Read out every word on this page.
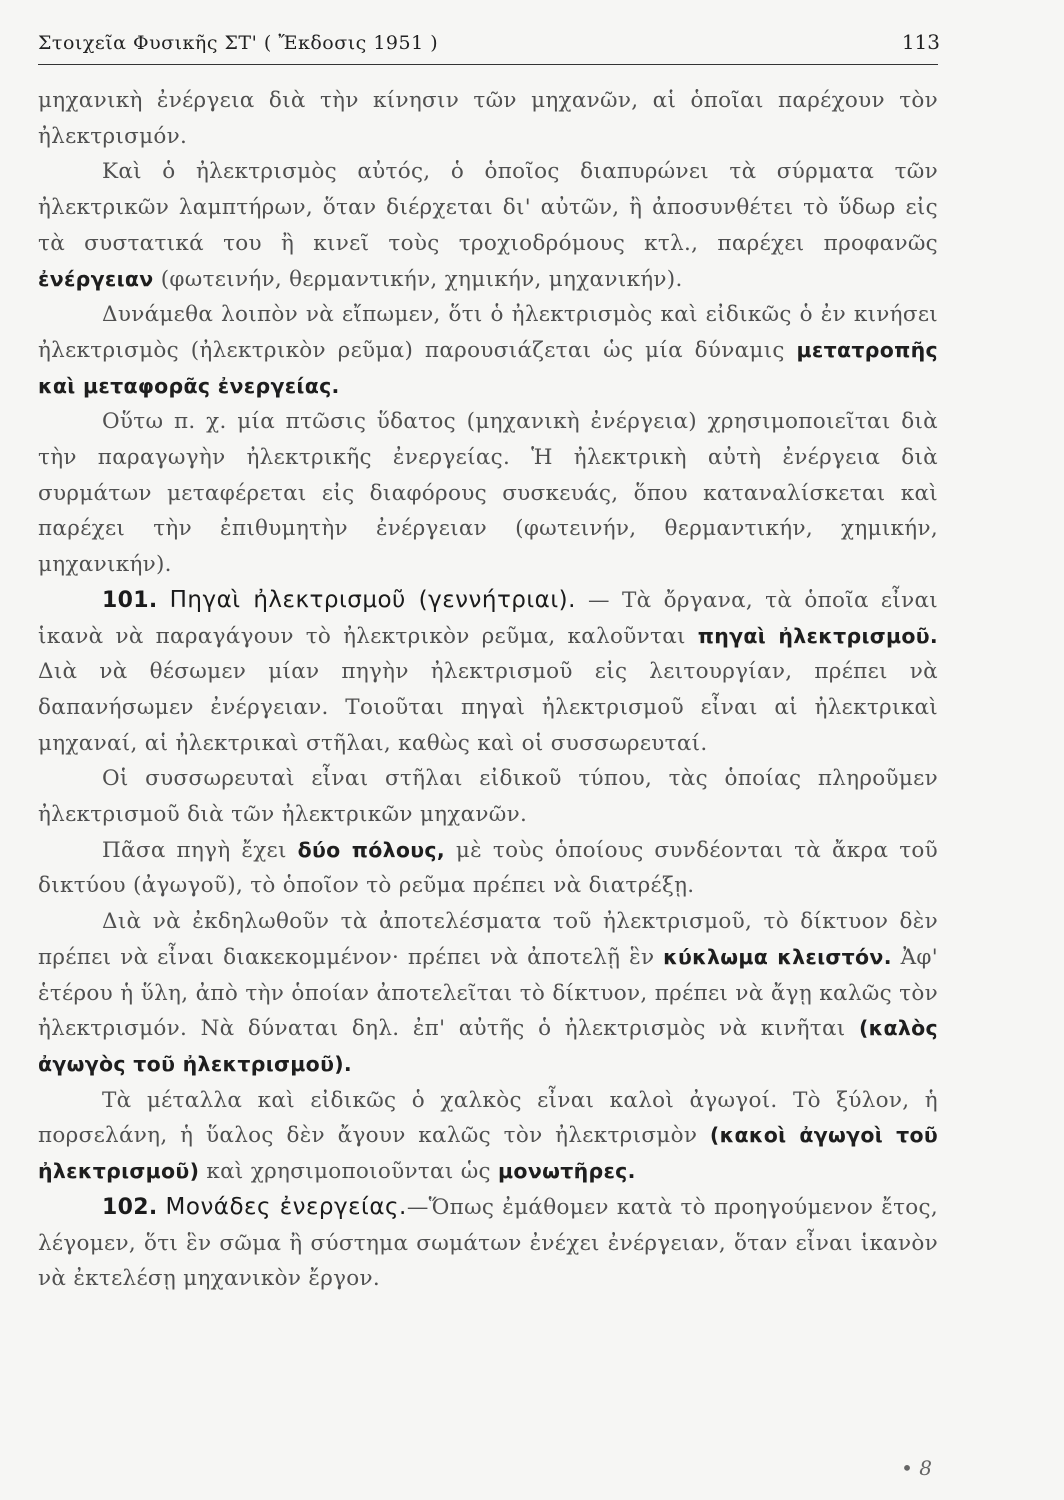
Στοιχεῖα Φυσικῆς ΣΤ' ( Ἔκδοσις 1951 )	113

μηχανικὴ ἐνέργεια διὰ τὴν κίνησιν τῶν μηχανῶν, αἱ ὁποῖαι παρέχουν τὸν ἠλεκτρισμόν.

Καὶ ὁ ἠλεκτρισμὸς αὐτός, ὁ ὁποῖος διαπυρώνει τὰ σύρματα τῶν ἠλεκτρικῶν λαμπτήρων, ὅταν διέρχεται δι' αὐτῶν, ἢ ἀποσυνθέτει τὸ ὕδωρ εἰς τὰ συστατικά του ἢ κινεῖ τοὺς τροχιοδρόμους κτλ., παρέχει προφανῶς ἐνέργειαν (φωτεινήν, θερμαντικήν, χημικήν, μηχανικήν).

Δυνάμεθα λοιπὸν νὰ εἴπωμεν, ὅτι ὁ ἠλεκτρισμὸς καὶ εἰδικῶς ὁ ἐν κινήσει ἠλεκτρισμὸς (ἠλεκτρικὸν ρεῦμα) παρουσιάζεται ὡς μία δύναμις μετατροπῆς καὶ μεταφορᾶς ἐνεργείας.

Οὕτω π. χ. μία πτῶσις ὕδατος (μηχανικὴ ἐνέργεια) χρησιμοποιεῖται διὰ τὴν παραγωγὴν ἠλεκτρικῆς ἐνεργείας. Ἡ ἠλεκτρικὴ αὐτὴ ἐνέργεια διὰ συρμάτων μεταφέρεται εἰς διαφόρους συσκευάς, ὅπου καταναλίσκεται καὶ παρέχει τὴν ἐπιθυμητὴν ἐνέργειαν (φωτεινήν, θερμαντικήν, χημικήν, μηχανικήν).

101. Πηγαὶ ἠλεκτρισμοῦ (γεννήτριαι). — Τὰ ὄργανα, τὰ ὁποῖα εἶναι ἱκανὰ νὰ παραγάγουν τὸ ἠλεκτρικὸν ρεῦμα, καλοῦνται πηγαὶ ἠλεκτρισμοῦ. Διὰ νὰ θέσωμεν μίαν πηγὴν ἠλεκτρισμοῦ εἰς λειτουργίαν, πρέπει νὰ δαπανήσωμεν ἐνέργειαν. Τοιοῦται πηγαὶ ἠλεκτρισμοῦ εἶναι αἱ ἠλεκτρικαὶ μηχαναί, αἱ ἠλεκτρικαὶ στῆλαι, καθὼς καὶ οἱ συσσωρευταί.

Οἱ συσσωρευταὶ εἶναι στῆλαι εἰδικοῦ τύπου, τὰς ὁποίας πληροῦμεν ἠλεκτρισμοῦ διὰ τῶν ἠλεκτρικῶν μηχανῶν.

Πᾶσα πηγὴ ἔχει δύο πόλους, μὲ τοὺς ὁποίους συνδέονται τὰ ἄκρα τοῦ δικτύου (ἀγωγοῦ), τὸ ὁποῖον τὸ ρεῦμα πρέπει νὰ διατρέξῃ.

Διὰ νὰ ἐκδηλωθοῦν τὰ ἀποτελέσματα τοῦ ἠλεκτρισμοῦ, τὸ δίκτυον δὲν πρέπει νὰ εἶναι διακεκομμένον· πρέπει νὰ ἀποτελῇ ἓν κύκλωμα κλειστόν. Ἀφ' ἑτέρου ἡ ὕλη, ἀπὸ τὴν ὁποίαν ἀποτελεῖται τὸ δίκτυον, πρέπει νὰ ἄγῃ καλῶς τὸν ἠλεκτρισμόν. Νὰ δύναται δηλ. ἐπ' αὐτῆς ὁ ἠλεκτρισμὸς νὰ κινῆται (καλὸς ἀγωγὸς τοῦ ἠλεκτρισμοῦ).

Τὰ μέταλλα καὶ εἰδικῶς ὁ χαλκὸς εἶναι καλοὶ ἀγωγοί. Τὸ ξύλον, ἡ πορσελάνη, ἡ ὕαλος δὲν ἄγουν καλῶς τὸν ἠλεκτρισμὸν (κακοὶ ἀγωγοὶ τοῦ ἠλεκτρισμοῦ) καὶ χρησιμοποιοῦνται ὡς μονωτῆρες.

102. Μονάδες ἐνεργείας.—Ὅπως ἐμάθομεν κατὰ τὸ προηγούμενον ἔτος, λέγομεν, ὅτι ἓν σῶμα ἢ σύστημα σωμάτων ἐνέχει ἐνέργειαν, ὅταν εἶναι ἱκανὸν νὰ ἐκτελέσῃ μηχανικὸν ἔργον.

• 8
